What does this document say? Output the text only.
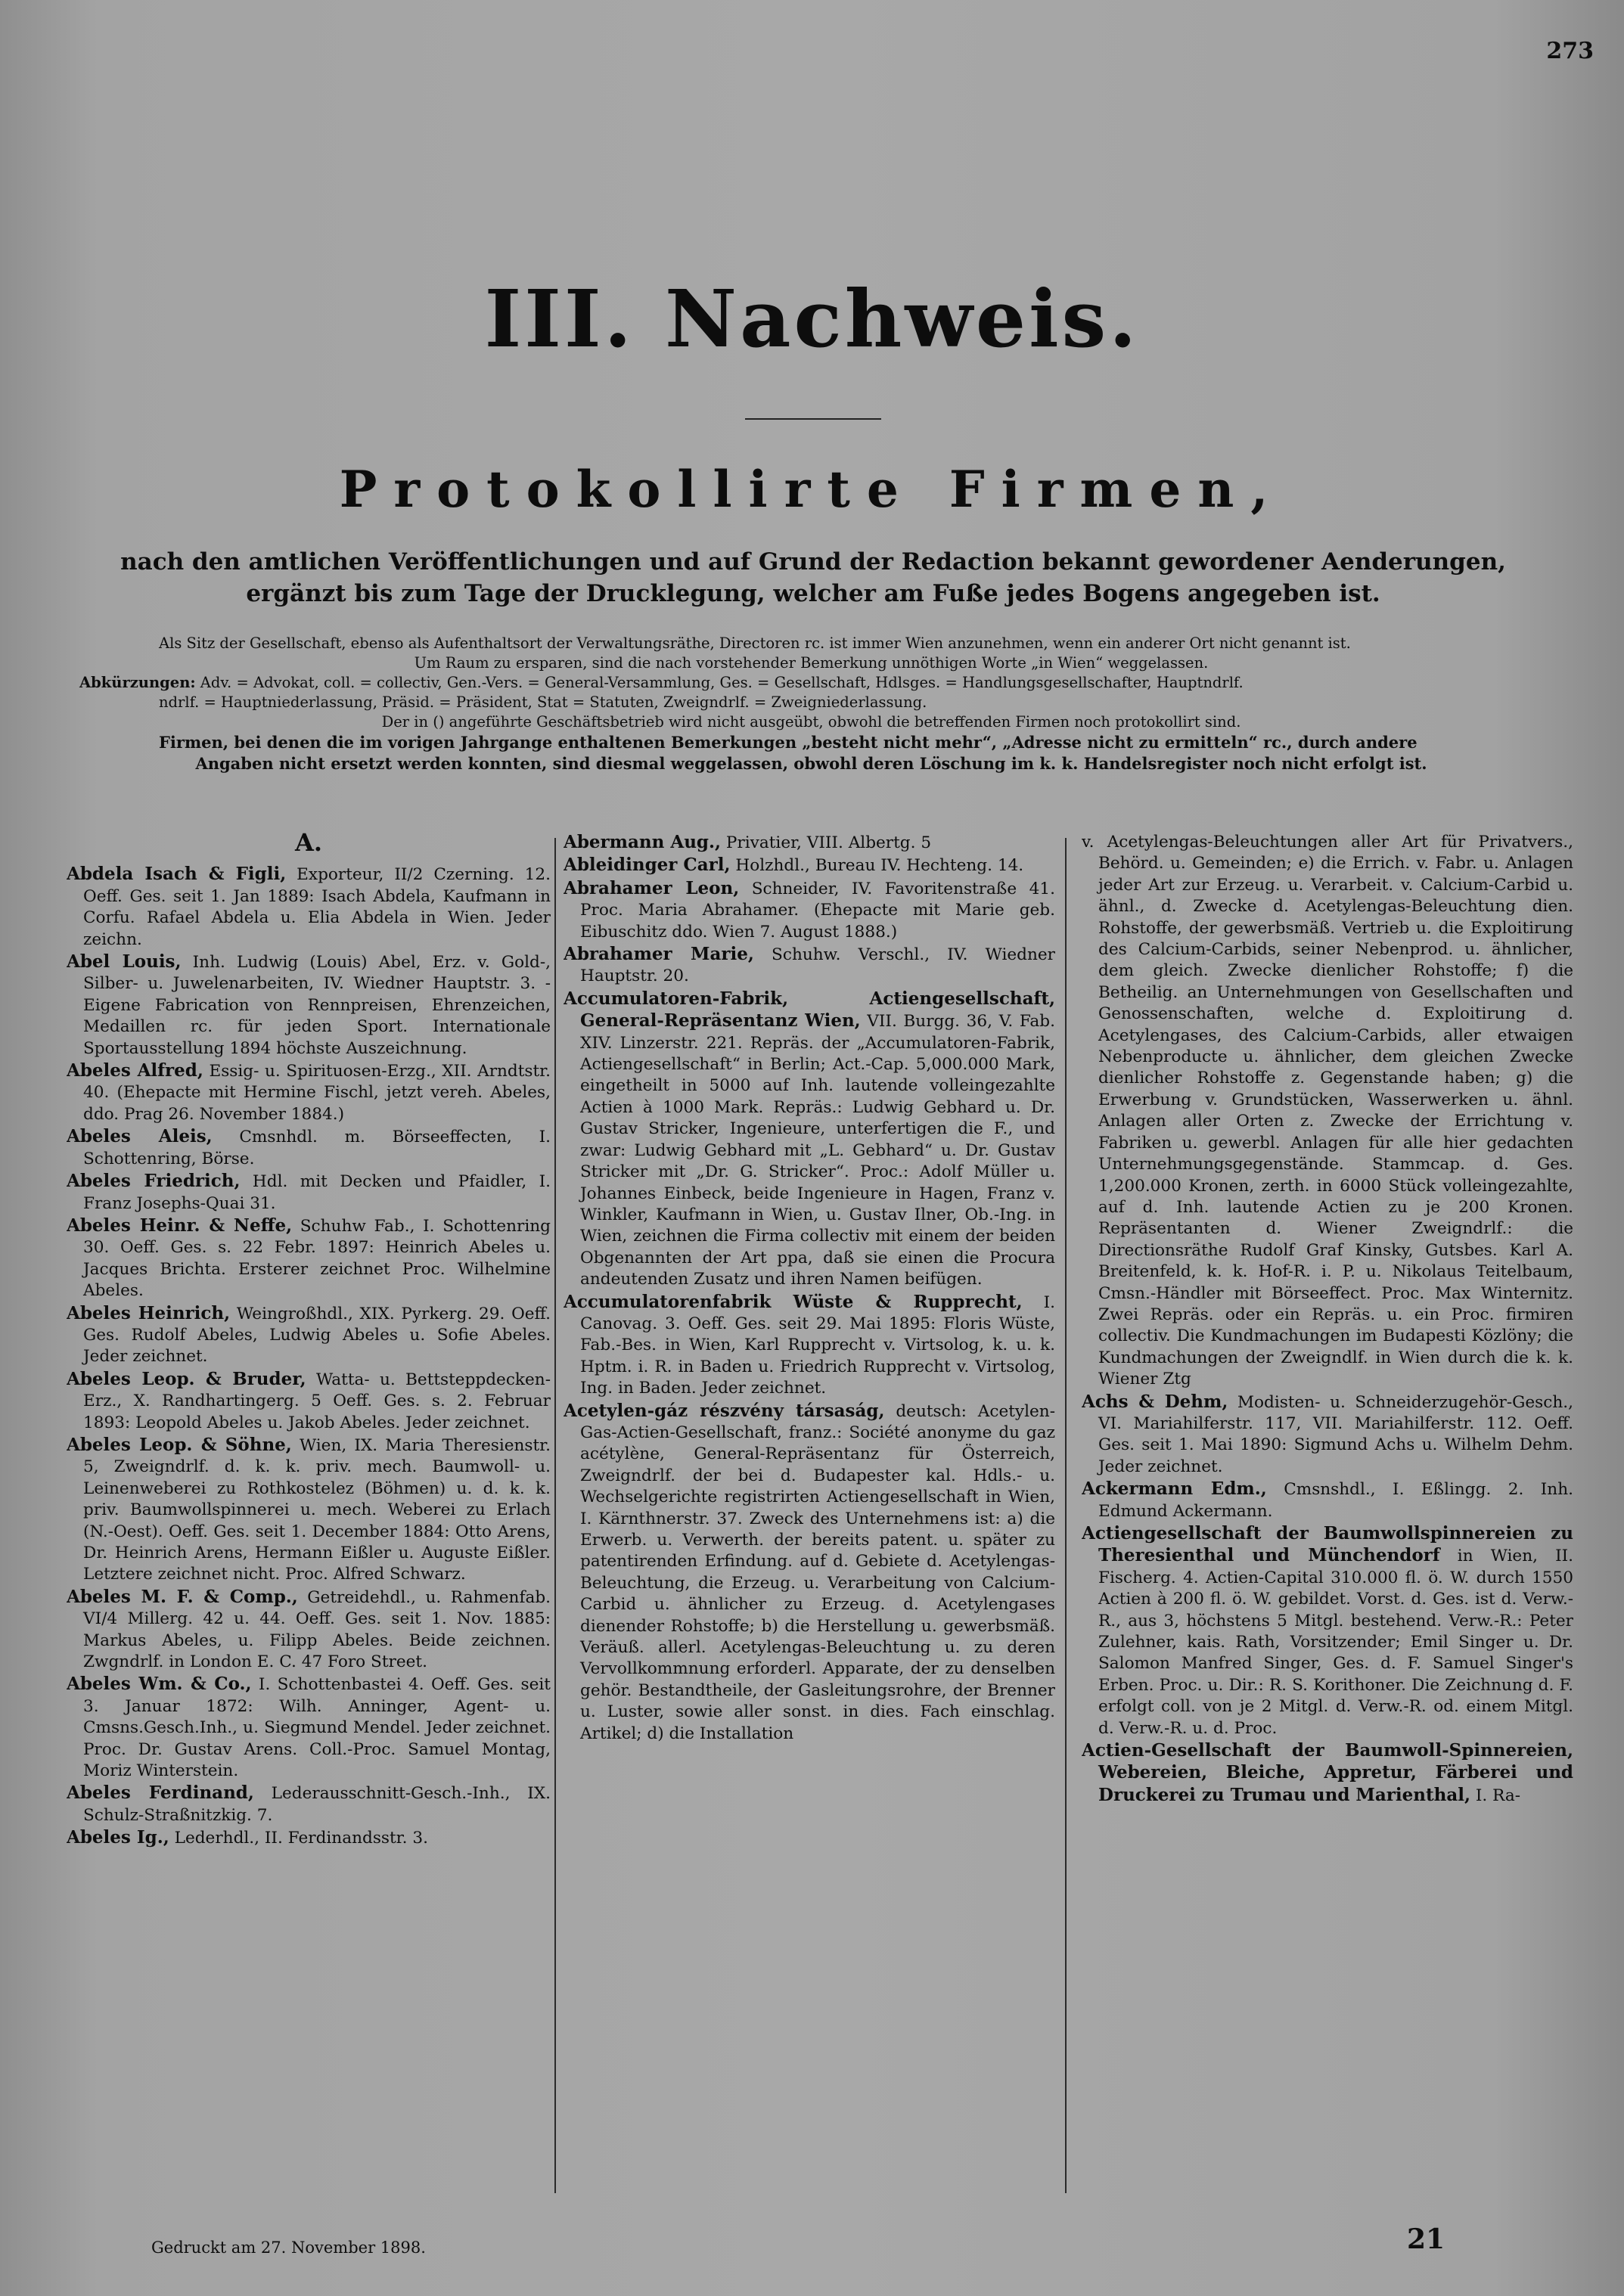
273
III. Nachweis.
Protokollirte Firmen,
nach den amtlichen Veröffentlichungen und auf Grund der Redaction bekannt gewordener Aenderungen,
ergänzt bis zum Tage der Drucklegung, welcher am Fuße jedes Bogens angegeben ist.

Als Sitz der Gesellschaft, ebenso als Aufenthaltsort der Verwaltungsräthe, Directoren rc. ist immer Wien anzunehmen, wenn ein anderer Ort nicht genannt ist.

Um Raum zu ersparen, sind die nach vorstehender Bemerkung unnöthigen Worte „in Wien“ weggelassen.

Abkürzungen: Adv. = Advokat, coll. = collectiv, Gen.-Vers. = General-Versammlung, Ges. = Gesellschaft, Hdlsges. = Handlungsgesellschafter, Hauptndrlf.

ndrlf. = Hauptniederlassung, Präsid. = Präsident, Stat = Statuten, Zweigndrlf. = Zweigniederlassung.

Der in () angeführte Geschäftsbetrieb wird nicht ausgeübt, obwohl die betreffenden Firmen noch protokollirt sind.

Firmen, bei denen die im vorigen Jahrgange enthaltenen Bemerkungen „besteht nicht mehr“, „Adresse nicht zu ermitteln“ rc., durch andere

Angaben nicht ersetzt werden konnten, sind diesmal weggelassen, obwohl deren Löschung im k. k. Handelsregister noch nicht erfolgt ist.

A.

Abdela Isach & Figli, Exporteur, II/2 Czerning. 12. Oeff. Ges. seit 1. Jan 1889: Isach Abdela, Kaufmann in Corfu. Rafael Abdela u. Elia Abdela in Wien. Jeder zeichn.

Abel Louis, Inh. Ludwig (Louis) Abel, Erz. v. Gold-, Silber- u. Juwelenarbeiten, IV. Wiedner Hauptstr. 3. -Eigene Fabrication von Rennpreisen, Ehrenzeichen, Medaillen rc. für jeden Sport. Internationale Sportausstellung 1894 höchste Auszeichnung.

Abeles Alfred, Essig- u. Spirituosen-Erzg., XII. Arndtstr. 40. (Ehepacte mit Hermine Fischl, jetzt vereh. Abeles, ddo. Prag 26. November 1884.)

Abeles Aleis, Cmsnhdl. m. Börseeffecten, I. Schottenring, Börse.

Abeles Friedrich, Hdl. mit Decken und Pfaidler, I. Franz Josephs-Quai 31.

Abeles Heinr. & Neffe, Schuhw Fab., I. Schottenring 30. Oeff. Ges. s. 22 Febr. 1897: Heinrich Abeles u. Jacques Brichta. Ersterer zeichnet Proc. Wilhelmine Abeles.

Abeles Heinrich, Weingroßhdl., XIX. Pyrkerg. 29. Oeff. Ges. Rudolf Abeles, Ludwig Abeles u. Sofie Abeles. Jeder zeichnet.

Abeles Leop. & Bruder, Watta- u. Bettsteppdecken-Erz., X. Randhartingerg. 5 Oeff. Ges. s. 2. Februar 1893: Leopold Abeles u. Jakob Abeles. Jeder zeichnet.

Abeles Leop. & Söhne, Wien, IX. Maria Theresienstr. 5, Zweigndrlf. d. k. k. priv. mech. Baumwoll- u. Leinenweberei zu Rothkostelez (Böhmen) u. d. k. k. priv. Baumwollspinnerei u. mech. Weberei zu Erlach (N.-Oest). Oeff. Ges. seit 1. December 1884: Otto Arens, Dr. Heinrich Arens, Hermann Eißler u. Auguste Eißler. Letztere zeichnet nicht. Proc. Alfred Schwarz.

Abeles M. F. & Comp., Getreidehdl., u. Rahmenfab. VI/4 Millerg. 42 u. 44. Oeff. Ges. seit 1. Nov. 1885: Markus Abeles, u. Filipp Abeles. Beide zeichnen. Zwgndrlf. in London E. C. 47 Foro Street.

Abeles Wm. & Co., I. Schottenbastei 4. Oeff. Ges. seit 3. Januar 1872: Wilh. Anninger, Agent- u. Cmsns.Gesch.Inh., u. Siegmund Mendel. Jeder zeichnet. Proc. Dr. Gustav Arens. Coll.-Proc. Samuel Montag, Moriz Winterstein.

Abeles Ferdinand, Lederausschnitt-Gesch.-Inh., IX. Schulz-Straßnitzkig. 7.

Abeles Ig., Lederhdl., II. Ferdinandsstr. 3.

Abermann Aug., Privatier, VIII. Albertg. 5

Ableidinger Carl, Holzhdl., Bureau IV. Hechteng. 14.

Abrahamer Leon, Schneider, IV. Favoritenstraße 41. Proc. Maria Abrahamer. (Ehepacte mit Marie geb. Eibuschitz ddo. Wien 7. August 1888.)

Abrahamer Marie, Schuhw. Verschl., IV. Wiedner Hauptstr. 20.

Accumulatoren-Fabrik, Actiengesellschaft, General-Repräsentanz Wien, VII. Burgg. 36, V. Fab. XIV. Linzerstr. 221. Repräs. der „Accumulatoren-Fabrik, Actiengesellschaft“ in Berlin; Act.-Cap. 5,000.000 Mark, eingetheilt in 5000 auf Inh. lautende volleingezahlte Actien à 1000 Mark. Repräs.: Ludwig Gebhard u. Dr. Gustav Stricker, Ingenieure, unterfertigen die F., und zwar: Ludwig Gebhard mit „L. Gebhard“ u. Dr. Gustav Stricker mit „Dr. G. Stricker“. Proc.: Adolf Müller u. Johannes Einbeck, beide Ingenieure in Hagen, Franz v. Winkler, Kaufmann in Wien, u. Gustav Ilner, Ob.-Ing. in Wien, zeichnen die Firma collectiv mit einem der beiden Obgenannten der Art ppa, daß sie einen die Procura andeutenden Zusatz und ihren Namen beifügen.

Accumulatorenfabrik Wüste & Rupprecht, I. Canovag. 3. Oeff. Ges. seit 29. Mai 1895: Floris Wüste, Fab.-Bes. in Wien, Karl Rupprecht v. Virtsolog, k. u. k. Hptm. i. R. in Baden u. Friedrich Rupprecht v. Virtsolog, Ing. in Baden. Jeder zeichnet.

Acetylen-gáz részvény társaság, deutsch: Acetylen-Gas-Actien-Gesellschaft, franz.: Société anonyme du gaz acétylène, General-Repräsentanz für Österreich, Zweigndrlf. der bei d. Budapester kal. Hdls.- u. Wechselgerichte registrirten Actiengesellschaft in Wien, I. Kärnthnerstr. 37. Zweck des Unternehmens ist: a) die Erwerb. u. Verwerth. der bereits patent. u. später zu patentirenden Erfindung. auf d. Gebiete d. Acetylengas-Beleuchtung, die Erzeug. u. Verarbeitung von Calcium-Carbid u. ähnlicher zu Erzeug. d. Acetylengases dienender Rohstoffe; b) die Herstellung u. gewerbsmäß. Veräuß. allerl. Acetylengas-Beleuchtung u. zu deren Vervollkommnung erforderl. Apparate, der zu denselben gehör. Bestandtheile, der Gasleitungsrohre, der Brenner u. Luster, sowie aller sonst. in dies. Fach einschlag. Artikel; d) die Installation

v. Acetylengas-Beleuchtungen aller Art für Privatvers., Behörd. u. Gemeinden; e) die Errich. v. Fabr. u. Anlagen jeder Art zur Erzeug. u. Verarbeit. v. Calcium-Carbid u. ähnl., d. Zwecke d. Acetylengas-Beleuchtung dien. Rohstoffe, der gewerbsmäß. Vertrieb u. die Exploitirung des Calcium-Carbids, seiner Nebenprod. u. ähnlicher, dem gleich. Zwecke dienlicher Rohstoffe; f) die Betheilig. an Unternehmungen von Gesellschaften und Genossenschaften, welche d. Exploitirung d. Acetylengases, des Calcium-Carbids, aller etwaigen Nebenproducte u. ähnlicher, dem gleichen Zwecke dienlicher Rohstoffe z. Gegenstande haben; g) die Erwerbung v. Grundstücken, Wasserwerken u. ähnl. Anlagen aller Orten z. Zwecke der Errichtung v. Fabriken u. gewerbl. Anlagen für alle hier gedachten Unternehmungsgegenstände. Stammcap. d. Ges. 1,200.000 Kronen, zerth. in 6000 Stück volleingezahlte, auf d. Inh. lautende Actien zu je 200 Kronen. Repräsentanten d. Wiener Zweigndrlf.: die Directionsräthe Rudolf Graf Kinsky, Gutsbes. Karl A. Breitenfeld, k. k. Hof-R. i. P. u. Nikolaus Teitelbaum, Cmsn.-Händler mit Börseeffect. Proc. Max Winternitz. Zwei Repräs. oder ein Repräs. u. ein Proc. firmiren collectiv. Die Kundmachungen im Budapesti Közlöny; die Kundmachungen der Zweigndlf. in Wien durch die k. k. Wiener Ztg

Achs & Dehm, Modisten- u. Schneiderzugehör-Gesch., VI. Mariahilferstr. 117, VII. Mariahilferstr. 112. Oeff. Ges. seit 1. Mai 1890: Sigmund Achs u. Wilhelm Dehm. Jeder zeichnet.

Ackermann Edm., Cmsnshdl., I. Eßlingg. 2. Inh. Edmund Ackermann.

Actiengesellschaft der Baumwollspinnereien zu Theresienthal und Münchendorf in Wien, II. Fischerg. 4. Actien-Capital 310.000 fl. ö. W. durch 1550 Actien à 200 fl. ö. W. gebildet. Vorst. d. Ges. ist d. Verw.-R., aus 3, höchstens 5 Mitgl. bestehend. Verw.-R.: Peter Zulehner, kais. Rath, Vorsitzender; Emil Singer u. Dr. Salomon Manfred Singer, Ges. d. F. Samuel Singer's Erben. Proc. u. Dir.: R. S. Korithoner. Die Zeichnung d. F. erfolgt coll. von je 2 Mitgl. d. Verw.-R. od. einem Mitgl. d. Verw.-R. u. d. Proc.

Actien-Gesellschaft der Baumwoll-Spinnereien, Webereien, Bleiche, Appretur, Färberei und Druckerei zu Trumau und Marienthal, I. Ra-

Gedruckt am 27. November 1898.	21
